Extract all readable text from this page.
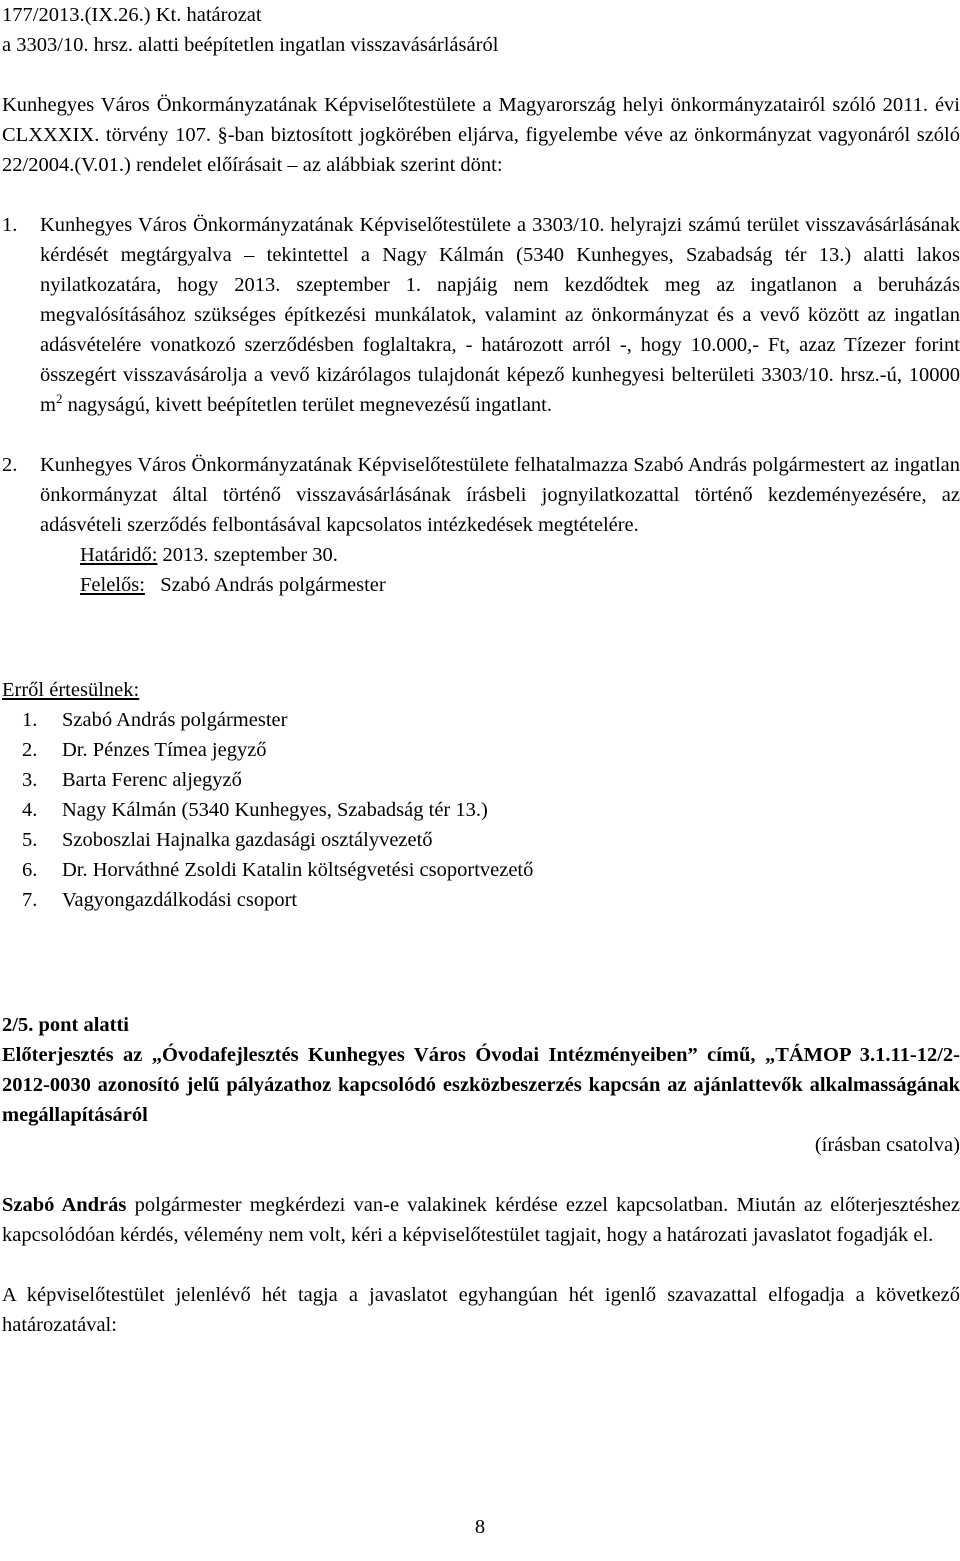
177/2013.(IX.26.) Kt. határozat

a 3303/10. hrsz. alatti beépítetlen ingatlan visszavásárlásáról

Kunhegyes Város Önkormányzatának Képviselőtestülete a Magyarország helyi önkormányzatairól szóló 2011. évi CLXXXIX. törvény 107. §-ban biztosított jogkörében eljárva, figyelembe véve az önkormányzat vagyonáról szóló 22/2004.(V.01.) rendelet előírásait – az alábbiak szerint dönt:

1.	Kunhegyes Város Önkormányzatának Képviselőtestülete a 3303/10. helyrajzi számú terület visszavásárlásának kérdését megtárgyalva – tekintettel a Nagy Kálmán (5340 Kunhegyes, Szabadság tér 13.) alatti lakos nyilatkozatára, hogy 2013. szeptember 1. napjáig nem kezdődtek meg az ingatlanon a beruházás megvalósításához szükséges építkezési munkálatok, valamint az önkormányzat és a vevő között az ingatlan adásvételére vonatkozó szerződésben foglaltakra, - határozott arról -, hogy 10.000,- Ft, azaz Tízezer forint összegért visszavásárolja a vevő kizárólagos tulajdonát képező kunhegyesi belterületi 3303/10. hrsz.-ú, 10000 $m^2$ nagyságú, kivett beépítetlen terület megnevezésű ingatlant.

2.	Kunhegyes Város Önkormányzatának Képviselőtestülete felhatalmazza Szabó András polgármestert az ingatlan önkormányzat által történő visszavásárlásának írásbeli jognyilatkozattal történő kezdeményezésére, az adásvételi szerződés felbontásával kapcsolatos intézkedések megtételére.

Határidő: 2013. szeptember 30.

Felelős: Szabó András polgármester

Erről értesülnek:

1.	Szabó András polgármester
2.	Dr. Pénzes Tímea jegyző
3.	Barta Ferenc aljegyző
4.	Nagy Kálmán (5340 Kunhegyes, Szabadság tér 13.)
5.	Szoboszlai Hajnalka gazdasági osztályvezető
6.	Dr. Horváthné Zsoldi Katalin költségvetési csoportvezető
7.	Vagyongazdálkodási csoport

2/5. pont alatti

Előterjesztés az „Óvodafejlesztés Kunhegyes Város Óvodai Intézményeiben” című, „TÁMOP 3.1.11-12/2-2012-0030 azonosító jelű pályázathoz kapcsolódó eszközbeszerzés kapcsán az ajánlattevők alkalmasságának megállapításáról

(írásban csatolva)

Szabó András polgármester megkérdezi van-e valakinek kérdése ezzel kapcsolatban. Miután az előterjesztéshez kapcsolódóan kérdés, vélemény nem volt, kéri a képviselőtestület tagjait, hogy a határozati javaslatot fogadják el.

A képviselőtestület jelenlévő hét tagja a javaslatot egyhangúan hét igenlő szavazattal elfogadja a következő határozatával:

8
